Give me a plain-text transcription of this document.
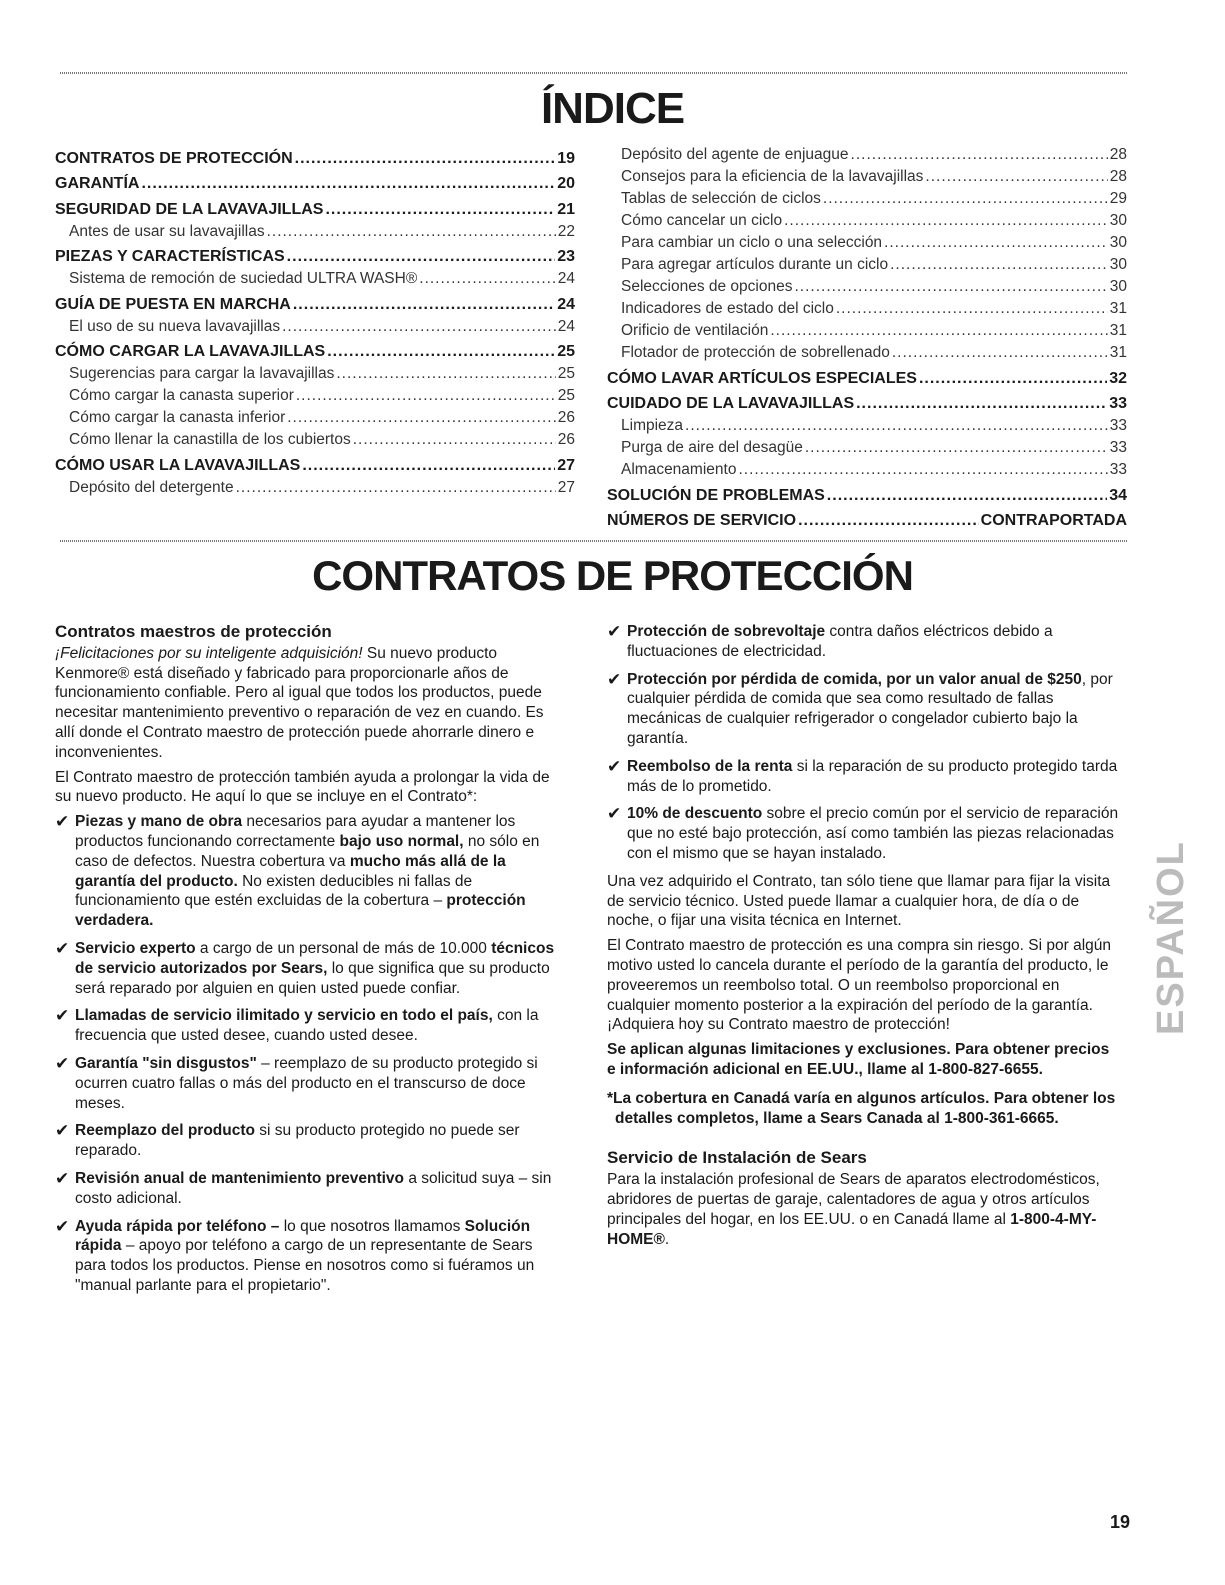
ÍNDICE
CONTRATOS DE PROTECCIÓN .....	19
GARANTÍA .....	20
SEGURIDAD DE LA LAVAVAJILLAS .....	21
Antes de usar su lavavajillas .....	22
PIEZAS Y CARACTERÍSTICAS .....	23
Sistema de remoción de suciedad ULTRA WASH® .....	24
GUÍA DE PUESTA EN MARCHA .....	24
El uso de su nueva lavavajillas .....	24
CÓMO CARGAR LA LAVAVAJILLAS .....	25
Sugerencias para cargar la lavavajillas .....	25
Cómo cargar la canasta superior .....	25
Cómo cargar la canasta inferior .....	26
Cómo llenar la canastilla de los cubiertos .....	26
CÓMO USAR LA LAVAVAJILLAS .....	27
Depósito del detergente .....	27
Depósito del agente de enjuague .....	28
Consejos para la eficiencia de la lavavajillas .....	28
Tablas de selección de ciclos .....	29
Cómo cancelar un ciclo .....	30
Para cambiar un ciclo o una selección .....	30
Para agregar artículos durante un ciclo .....	30
Selecciones de opciones .....	30
Indicadores de estado del ciclo .....	31
Orificio de ventilación .....	31
Flotador de protección de sobrellenado .....	31
CÓMO LAVAR ARTÍCULOS ESPECIALES .....	32
CUIDADO DE LA LAVAVAJILLAS .....	33
Limpieza .....	33
Purga de aire del desagüe .....	33
Almacenamiento .....	33
SOLUCIÓN DE PROBLEMAS .....	34
NÚMEROS DE SERVICIO .....	CONTRAPORTADA
CONTRATOS DE PROTECCIÓN
Contratos maestros de protección

¡Felicitaciones por su inteligente adquisición! Su nuevo producto Kenmore® está diseñado y fabricado para proporcionarle años de funcionamiento confiable. Pero al igual que todos los productos, puede necesitar mantenimiento preventivo o reparación de vez en cuando. Es allí donde el Contrato maestro de protección puede ahorrarle dinero e inconvenientes.

El Contrato maestro de protección también ayuda a prolongar la vida de su nuevo producto. He aquí lo que se incluye en el Contrato*:

✔ Piezas y mano de obra necesarios para ayudar a mantener los productos funcionando correctamente bajo uso normal, no sólo en caso de defectos. Nuestra cobertura va mucho más allá de la garantía del producto. No existen deducibles ni fallas de funcionamiento que estén excluidas de la cobertura – protección verdadera.
✔ Servicio experto a cargo de un personal de más de 10.000 técnicos de servicio autorizados por Sears, lo que significa que su producto será reparado por alguien en quien usted puede confiar.
✔ Llamadas de servicio ilimitado y servicio en todo el país, con la frecuencia que usted desee, cuando usted desee.
✔ Garantía "sin disgustos" – reemplazo de su producto protegido si ocurren cuatro fallas o más del producto en el transcurso de doce meses.
✔ Reemplazo del producto si su producto protegido no puede ser reparado.
✔ Revisión anual de mantenimiento preventivo a solicitud suya – sin costo adicional.
✔ Ayuda rápida por teléfono – lo que nosotros llamamos Solución rápida – apoyo por teléfono a cargo de un representante de Sears para todos los productos. Piense en nosotros como si fuéramos un "manual parlante para el propietario".
✔ Protección de sobrevoltaje contra daños eléctricos debido a fluctuaciones de electricidad.
✔ Protección por pérdida de comida, por un valor anual de $250, por cualquier pérdida de comida que sea como resultado de fallas mecánicas de cualquier refrigerador o congelador cubierto bajo la garantía.
✔ Reembolso de la renta si la reparación de su producto protegido tarda más de lo prometido.
✔ 10% de descuento sobre el precio común por el servicio de reparación que no esté bajo protección, así como también las piezas relacionadas con el mismo que se hayan instalado.

Una vez adquirido el Contrato, tan sólo tiene que llamar para fijar la visita de servicio técnico. Usted puede llamar a cualquier hora, de día o de noche, o fijar una visita técnica en Internet.

El Contrato maestro de protección es una compra sin riesgo. Si por algún motivo usted lo cancela durante el período de la garantía del producto, le proveeremos un reembolso total. O un reembolso proporcional en cualquier momento posterior a la expiración del período de la garantía. ¡Adquiera hoy su Contrato maestro de protección!

Se aplican algunas limitaciones y exclusiones. Para obtener precios e información adicional en EE.UU., llame al 1-800-827-6655.

*La cobertura en Canadá varía en algunos artículos. Para obtener los detalles completos, llame a Sears Canada al 1-800-361-6665.

Servicio de Instalación de Sears

Para la instalación profesional de Sears de aparatos electrodomésticos, abridores de puertas de garaje, calentadores de agua y otros artículos principales del hogar, en los EE.UU. o en Canadá llame al 1-800-4-MY-HOME®.

ESPAÑOL
19
